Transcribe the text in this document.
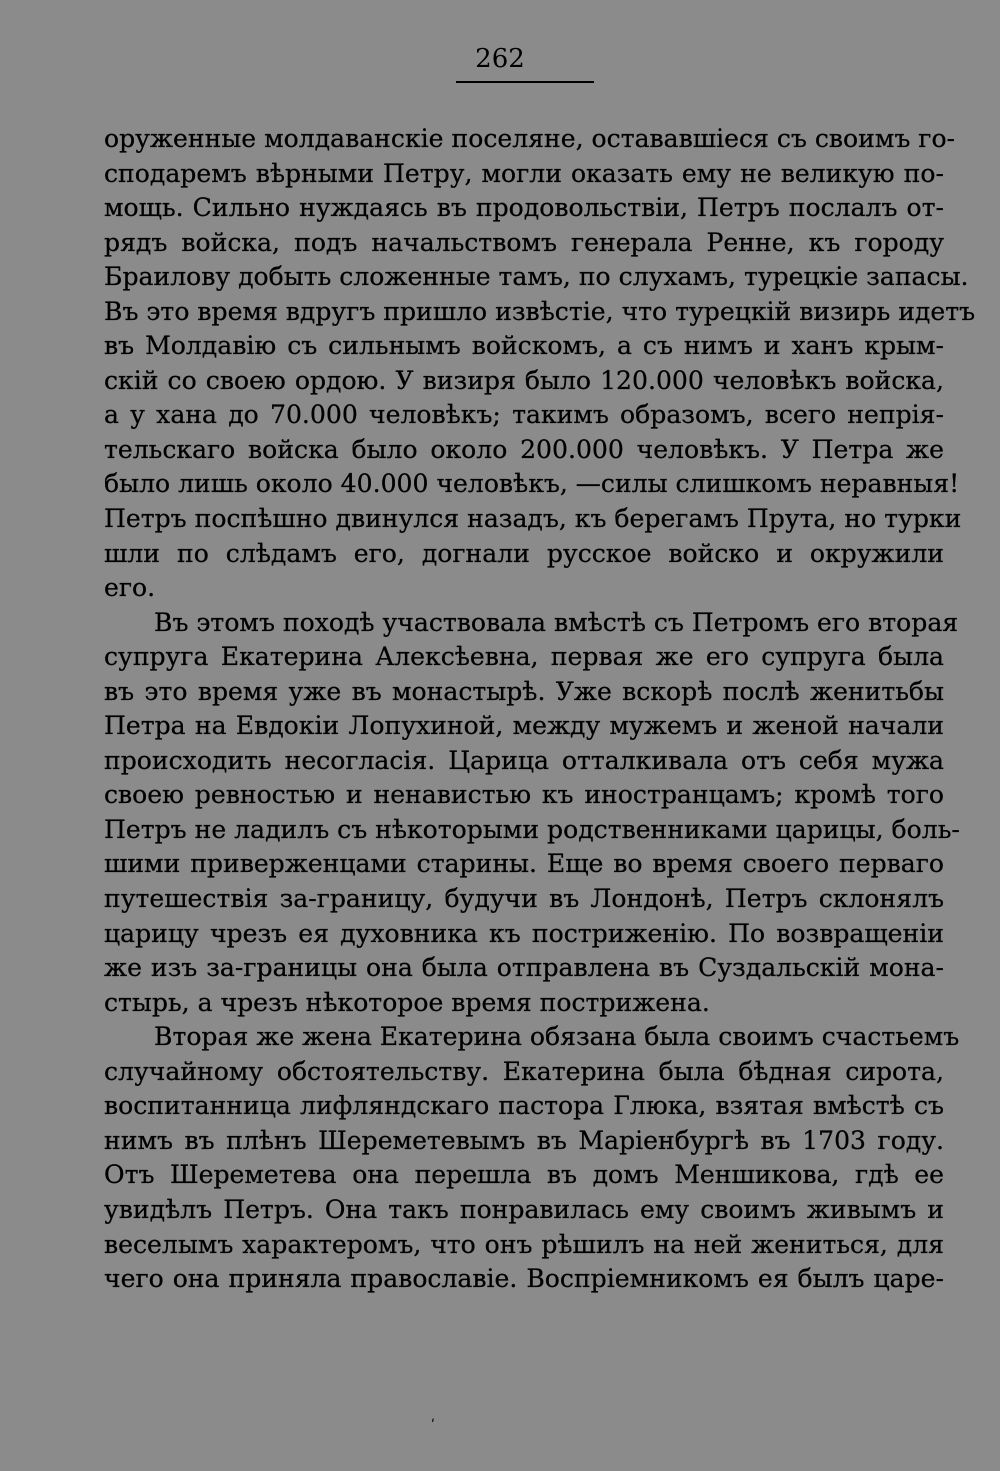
262
оруженные молдаванскіе поселяне, остававшіеся съ своимъ го-
сподаремъ вѣрными Петру, могли оказать ему не великую по-
мощь. Сильно нуждаясь въ продовольствіи, Петръ послалъ от-
рядъ войска, подъ начальствомъ генерала Ренне, къ городу
Браилову добыть сложенные тамъ, по слухамъ, турецкіе запасы.
Въ это время вдругъ пришло извѣстіе, что турецкій визирь идетъ
въ Молдавію съ сильнымъ войскомъ, а съ нимъ и ханъ крым-
скій со своею ордою. У визиря было 120.000 человѣкъ войска,
а у хана до 70.000 человѣкъ; такимъ образомъ, всего непрія-
тельскаго войска было около 200.000 человѣкъ. У Петра же
было лишь около 40.000 человѣкъ, —силы слишкомъ неравныя!
Петръ поспѣшно двинулся назадъ, къ берегамъ Прута, но турки
шли по слѣдамъ его, догнали русское войско и окружили
его.
Въ этомъ походѣ участвовала вмѣстѣ съ Петромъ его вторая
супруга Екатерина Алексѣевна, первая же его супруга была
въ это время уже въ монастырѣ. Уже вскорѣ послѣ женитьбы
Петра на Евдокіи Лопухиной, между мужемъ и женой начали
происходить несогласія. Царица отталкивала отъ себя мужа
своею ревностью и ненавистью къ иностранцамъ; кромѣ того
Петръ не ладилъ съ нѣкоторыми родственниками царицы, боль-
шими приверженцами старины. Еще во время своего перваго
путешествія за-границу, будучи въ Лондонѣ, Петръ склонялъ
царицу чрезъ ея духовника къ постриженію. По возвращеніи
же изъ за-границы она была отправлена въ Суздальскій мона-
стырь, а чрезъ нѣкоторое время пострижена.
Вторая же жена Екатерина обязана была своимъ счастьемъ
случайному обстоятельству. Екатерина была бѣдная сирота,
воспитанница лифляндскаго пастора Глюка, взятая вмѣстѣ съ
нимъ въ плѣнъ Шереметевымъ въ Маріенбургѣ въ 1703 году.
Отъ Шереметева она перешла въ домъ Меншикова, гдѣ ее
увидѣлъ Петръ. Она такъ понравилась ему своимъ живымъ и
веселымъ характеромъ, что онъ рѣшилъ на ней жениться, для
чего она приняла православіе. Воспріемникомъ ея былъ царе-
ʹ
